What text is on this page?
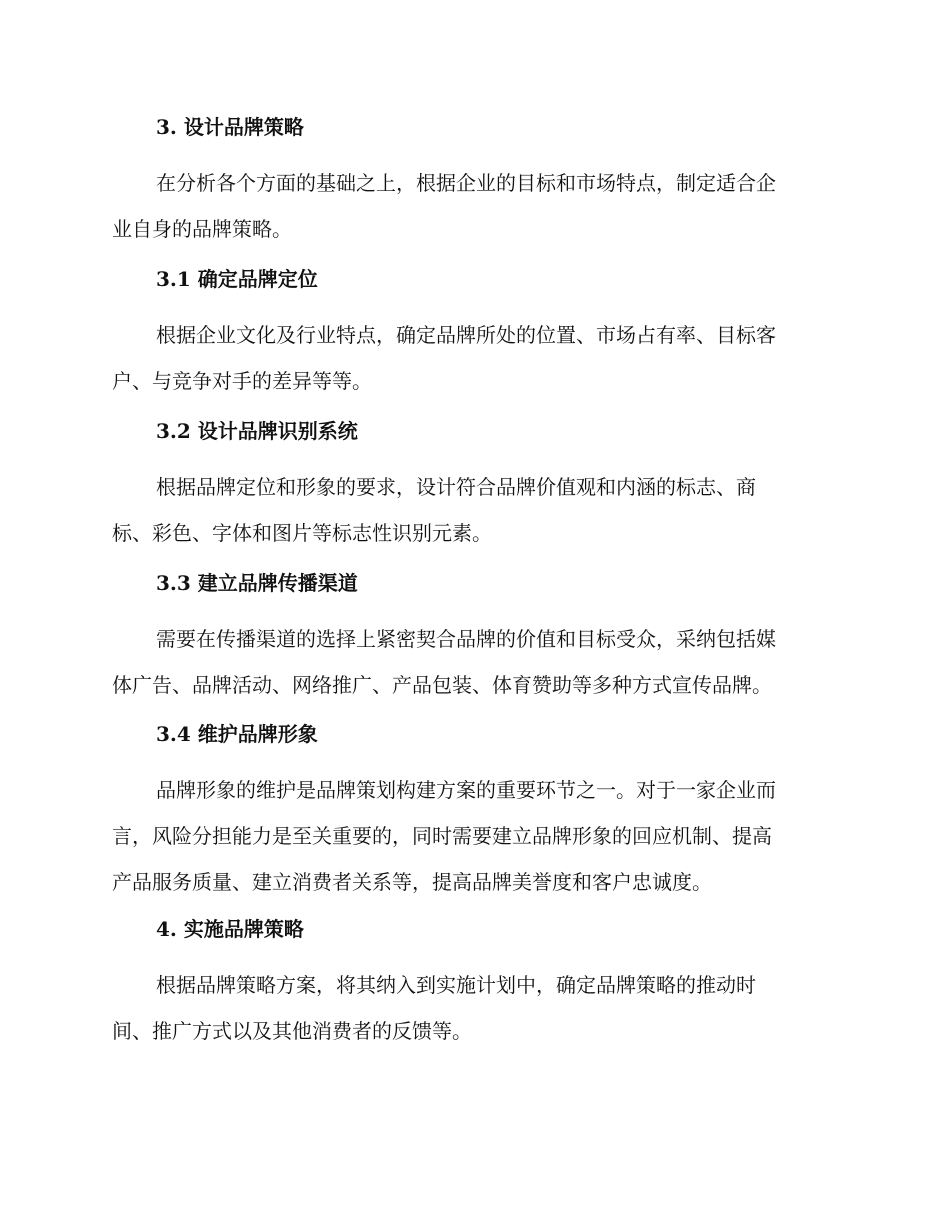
3. 设计品牌策略
在分析各个方面的基础之上，根据企业的目标和市场特点，制定适合企
业自身的品牌策略。
3.1 确定品牌定位
根据企业文化及行业特点，确定品牌所处的位置、市场占有率、目标客
户、与竞争对手的差异等等。
3.2 设计品牌识别系统
根据品牌定位和形象的要求，设计符合品牌价值观和内涵的标志、商
标、彩色、字体和图片等标志性识别元素。
3.3 建立品牌传播渠道
需要在传播渠道的选择上紧密契合品牌的价值和目标受众，采纳包括媒
体广告、品牌活动、网络推广、产品包装、体育赞助等多种方式宣传品牌。
3.4 维护品牌形象
品牌形象的维护是品牌策划构建方案的重要环节之一。对于一家企业而
言，风险分担能力是至关重要的，同时需要建立品牌形象的回应机制、提高
产品服务质量、建立消费者关系等，提高品牌美誉度和客户忠诚度。
4. 实施品牌策略
根据品牌策略方案，将其纳入到实施计划中，确定品牌策略的推动时
间、推广方式以及其他消费者的反馈等。
